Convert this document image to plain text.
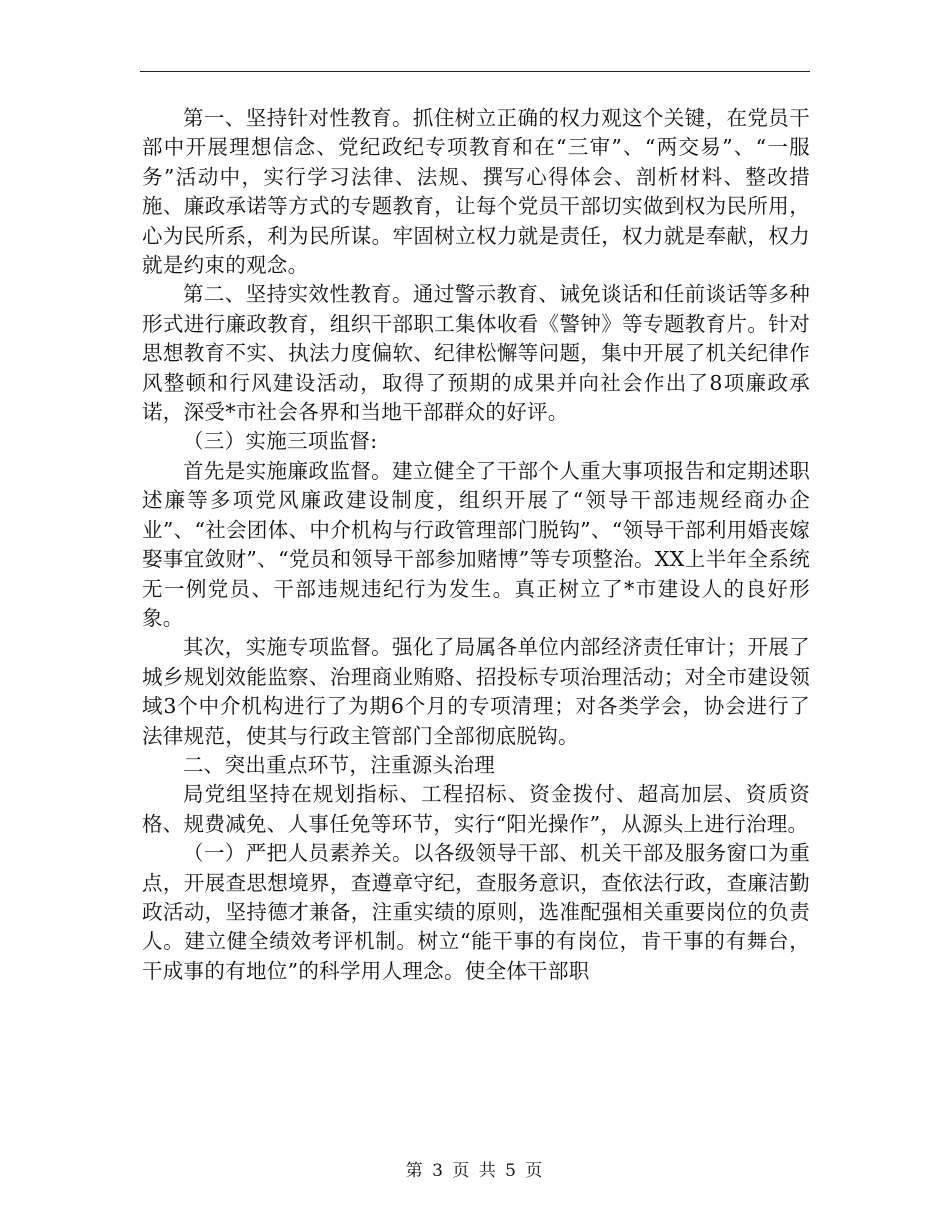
第一、坚持针对性教育。抓住树立正确的权力观这个关键，在党员干部中开展理想信念、党纪政纪专项教育和在“三审”、“两交易”、“一服务”活动中，实行学习法律、法规、撰写心得体会、剖析材料、整改措施、廉政承诺等方式的专题教育，让每个党员干部切实做到权为民所用，心为民所系，利为民所谋。牢固树立权力就是责任，权力就是奉献，权力就是约束的观念。

第二、坚持实效性教育。通过警示教育、诫免谈话和任前谈话等多种形式进行廉政教育，组织干部职工集体收看《警钟》等专题教育片。针对思想教育不实、执法力度偏软、纪律松懈等问题，集中开展了机关纪律作风整顿和行风建设活动，取得了预期的成果并向社会作出了8项廉政承诺，深受*市社会各界和当地干部群众的好评。

（三）实施三项监督:

首先是实施廉政监督。建立健全了干部个人重大事项报告和定期述职述廉等多项党风廉政建设制度，组织开展了“领导干部违规经商办企业”、“社会团体、中介机构与行政管理部门脱钩”、“领导干部利用婚丧嫁娶事宜敛财”、“党员和领导干部参加赌博”等专项整治。XX上半年全系统无一例党员、干部违规违纪行为发生。真正树立了*市建设人的良好形象。

其次，实施专项监督。强化了局属各单位内部经济责任审计；开展了城乡规划效能监察、治理商业贿赂、招投标专项治理活动；对全市建设领域3个中介机构进行了为期6个月的专项清理；对各类学会，协会进行了法律规范，使其与行政主管部门全部彻底脱钩。

二、突出重点环节，注重源头治理

局党组坚持在规划指标、工程招标、资金拨付、超高加层、资质资格、规费减免、人事任免等环节，实行“阳光操作”，从源头上进行治理。

（一）严把人员素养关。以各级领导干部、机关干部及服务窗口为重点，开展查思想境界，查遵章守纪，查服务意识，查依法行政，查廉洁勤政活动，坚持德才兼备，注重实绩的原则，选准配强相关重要岗位的负责人。建立健全绩效考评机制。树立“能干事的有岗位，肯干事的有舞台，干成事的有地位”的科学用人理念。使全体干部职

第 3 页 共 5 页
